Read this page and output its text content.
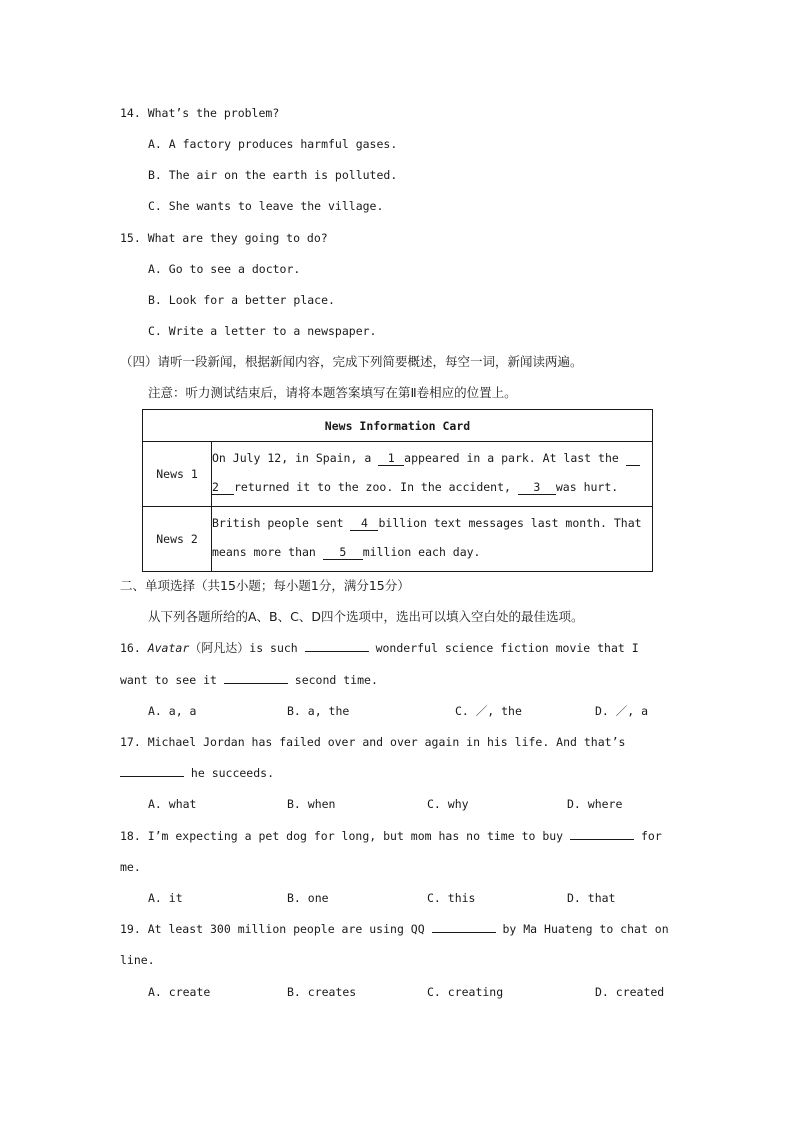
14. What’s the problem?
A. A factory produces harmful gases.
B. The air on the earth is polluted.
C. She wants to leave the village.
15. What are they going to do?
A. Go to see a doctor.
B. Look for a better place.
C. Write a letter to a newspaper.
（四）请听一段新闻，根据新闻内容，完成下列简要概述，每空一词，新闻读两遍。
注意：听力测试结束后，请将本题答案填写在第Ⅱ卷相应的位置上。
News Information Card	
News 1	On July 12, in Spain, a 1 appeared in a park. At last the
2 returned it to the zoo. In the accident, 3 was hurt.

News 2	British people sent 4 billion text messages last month. That
means more than 5 million each day.
二、单项选择（共15小题；每小题1分，满分15分）
从下列各题所给的A、B、C、D四个选项中，选出可以填入空白处的最佳选项。
16. Avatar（阿凡达）is such	wonderful science fiction movie that I
want to see it	second time.
A. a, a	B. a, the	C. ／, the	D. ／, a
17. Michael Jordan has failed over and over again in his life. And that’s
he succeeds.
A. what	B. when	C. why	D. where
18. I’m expecting a pet dog for long, but mom has no time to buy	for
me.
A. it	B. one	C. this	D. that
19. At least 300 million people are using QQ	by Ma Huateng to chat on
line.
A. create	B. creates	C. creating	D. created
